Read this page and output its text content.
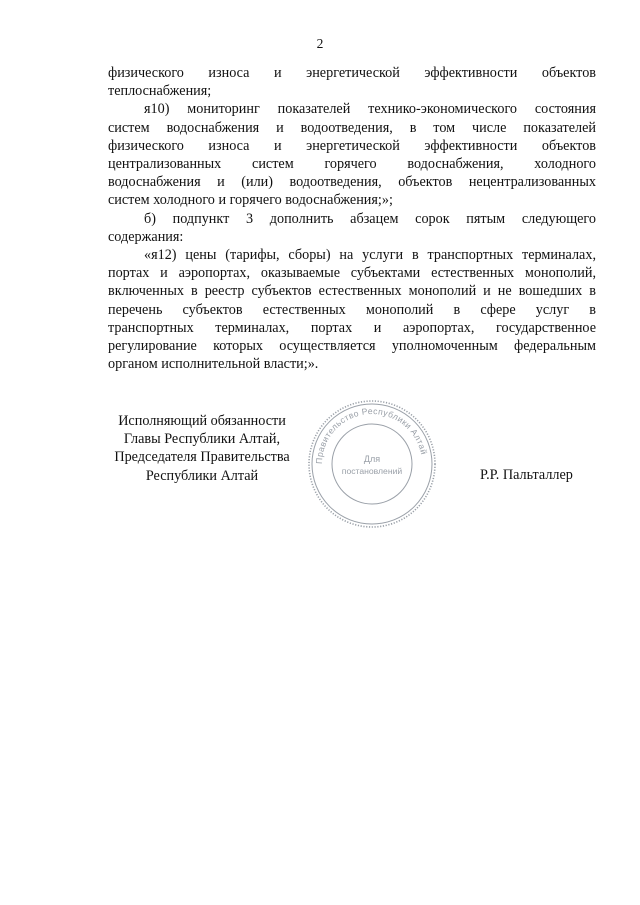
2
физического износа и энергетической эффективности объектов
теплоснабжения;
я10) мониторинг показателей технико-экономического состояния
систем водоснабжения и водоотведения, в том числе показателей
физического износа и энергетической эффективности объектов
централизованных систем горячего водоснабжения, холодного
водоснабжения и (или) водоотведения, объектов нецентрализованных
систем холодного и горячего водоснабжения;»;
б) подпункт 3 дополнить абзацем сорок пятым следующего
содержания:
«я12) цены (тарифы, сборы) на услуги в транспортных терминалах,
портах и аэропортах, оказываемые субъектами естественных монополий,
включенных в реестр субъектов естественных монополий и не вошедших в
перечень субъектов естественных монополий в сфере услуг в
транспортных терминалах, портах и аэропортах, государственное
регулирование которых осуществляется уполномоченным федеральным
органом исполнительной власти;».
Исполняющий обязанности
Главы Республики Алтай,
Председателя Правительства
Республики Алтай
Правительство Республики Алтай
Для
постановлений	Р.Р. Пальталлер
